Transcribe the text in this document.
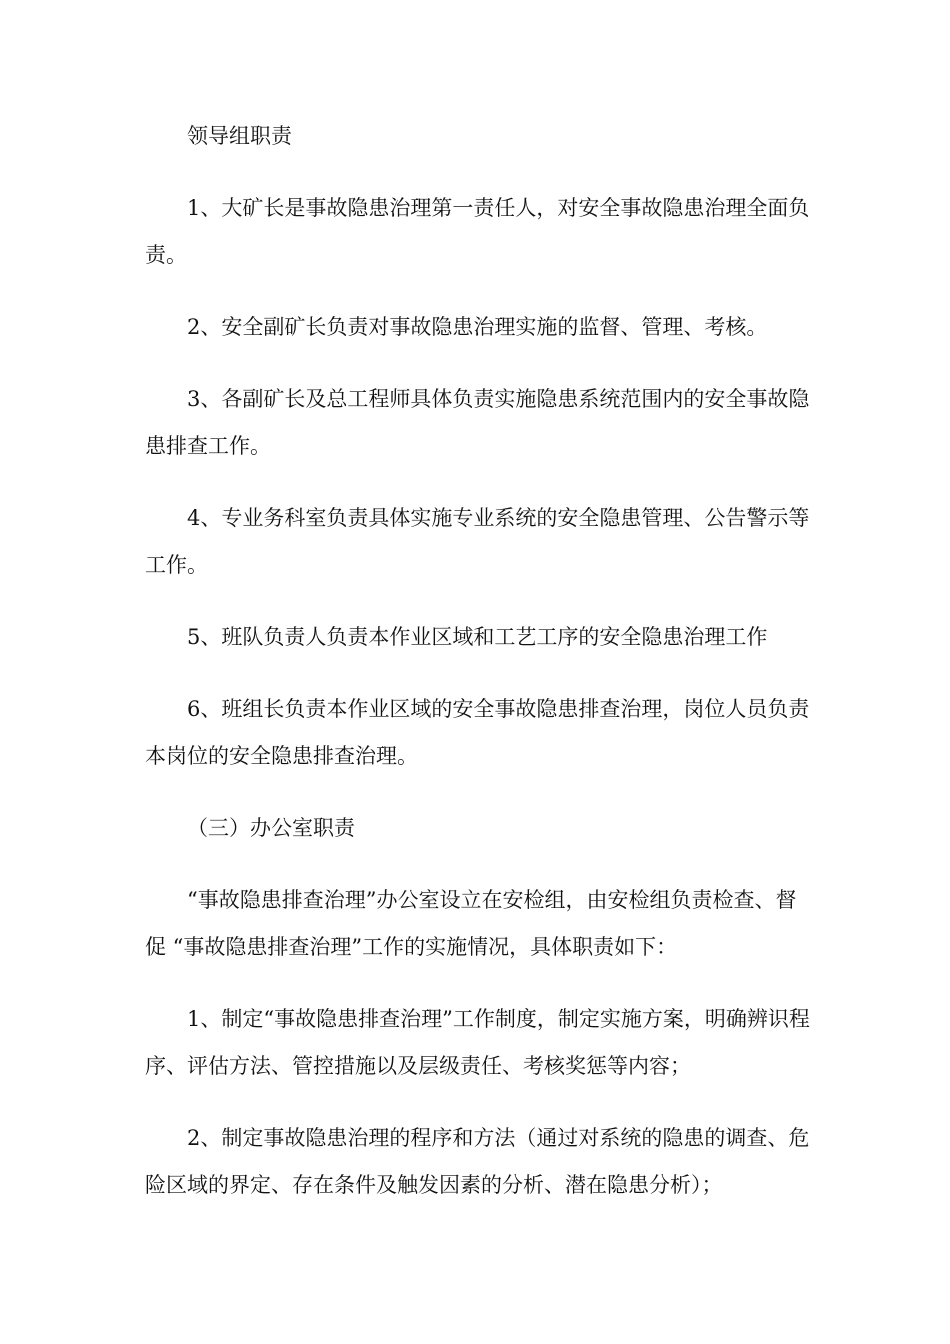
领导组职责

1、大矿长是事故隐患治理第一责任人，对安全事故隐患治理全面负责。

2、安全副矿长负责对事故隐患治理实施的监督、管理、考核。

3、各副矿长及总工程师具体负责实施隐患系统范围内的安全事故隐患排查工作。

4、专业务科室负责具体实施专业系统的安全隐患管理、公告警示等工作。

5、班队负责人负责本作业区域和工艺工序的安全隐患治理工作

6、班组长负责本作业区域的安全事故隐患排查治理，岗位人员负责本岗位的安全隐患排查治理。

（三）办公室职责

“事故隐患排查治理”办公室设立在安检组，由安检组负责检查、督促 “事故隐患排查治理”工作的实施情况，具体职责如下：

1、制定“事故隐患排查治理”工作制度，制定实施方案，明确辨识程序、评估方法、管控措施以及层级责任、考核奖惩等内容；

2、制定事故隐患治理的程序和方法（通过对系统的隐患的调查、危险区域的界定、存在条件及触发因素的分析、潜在隐患分析）；
